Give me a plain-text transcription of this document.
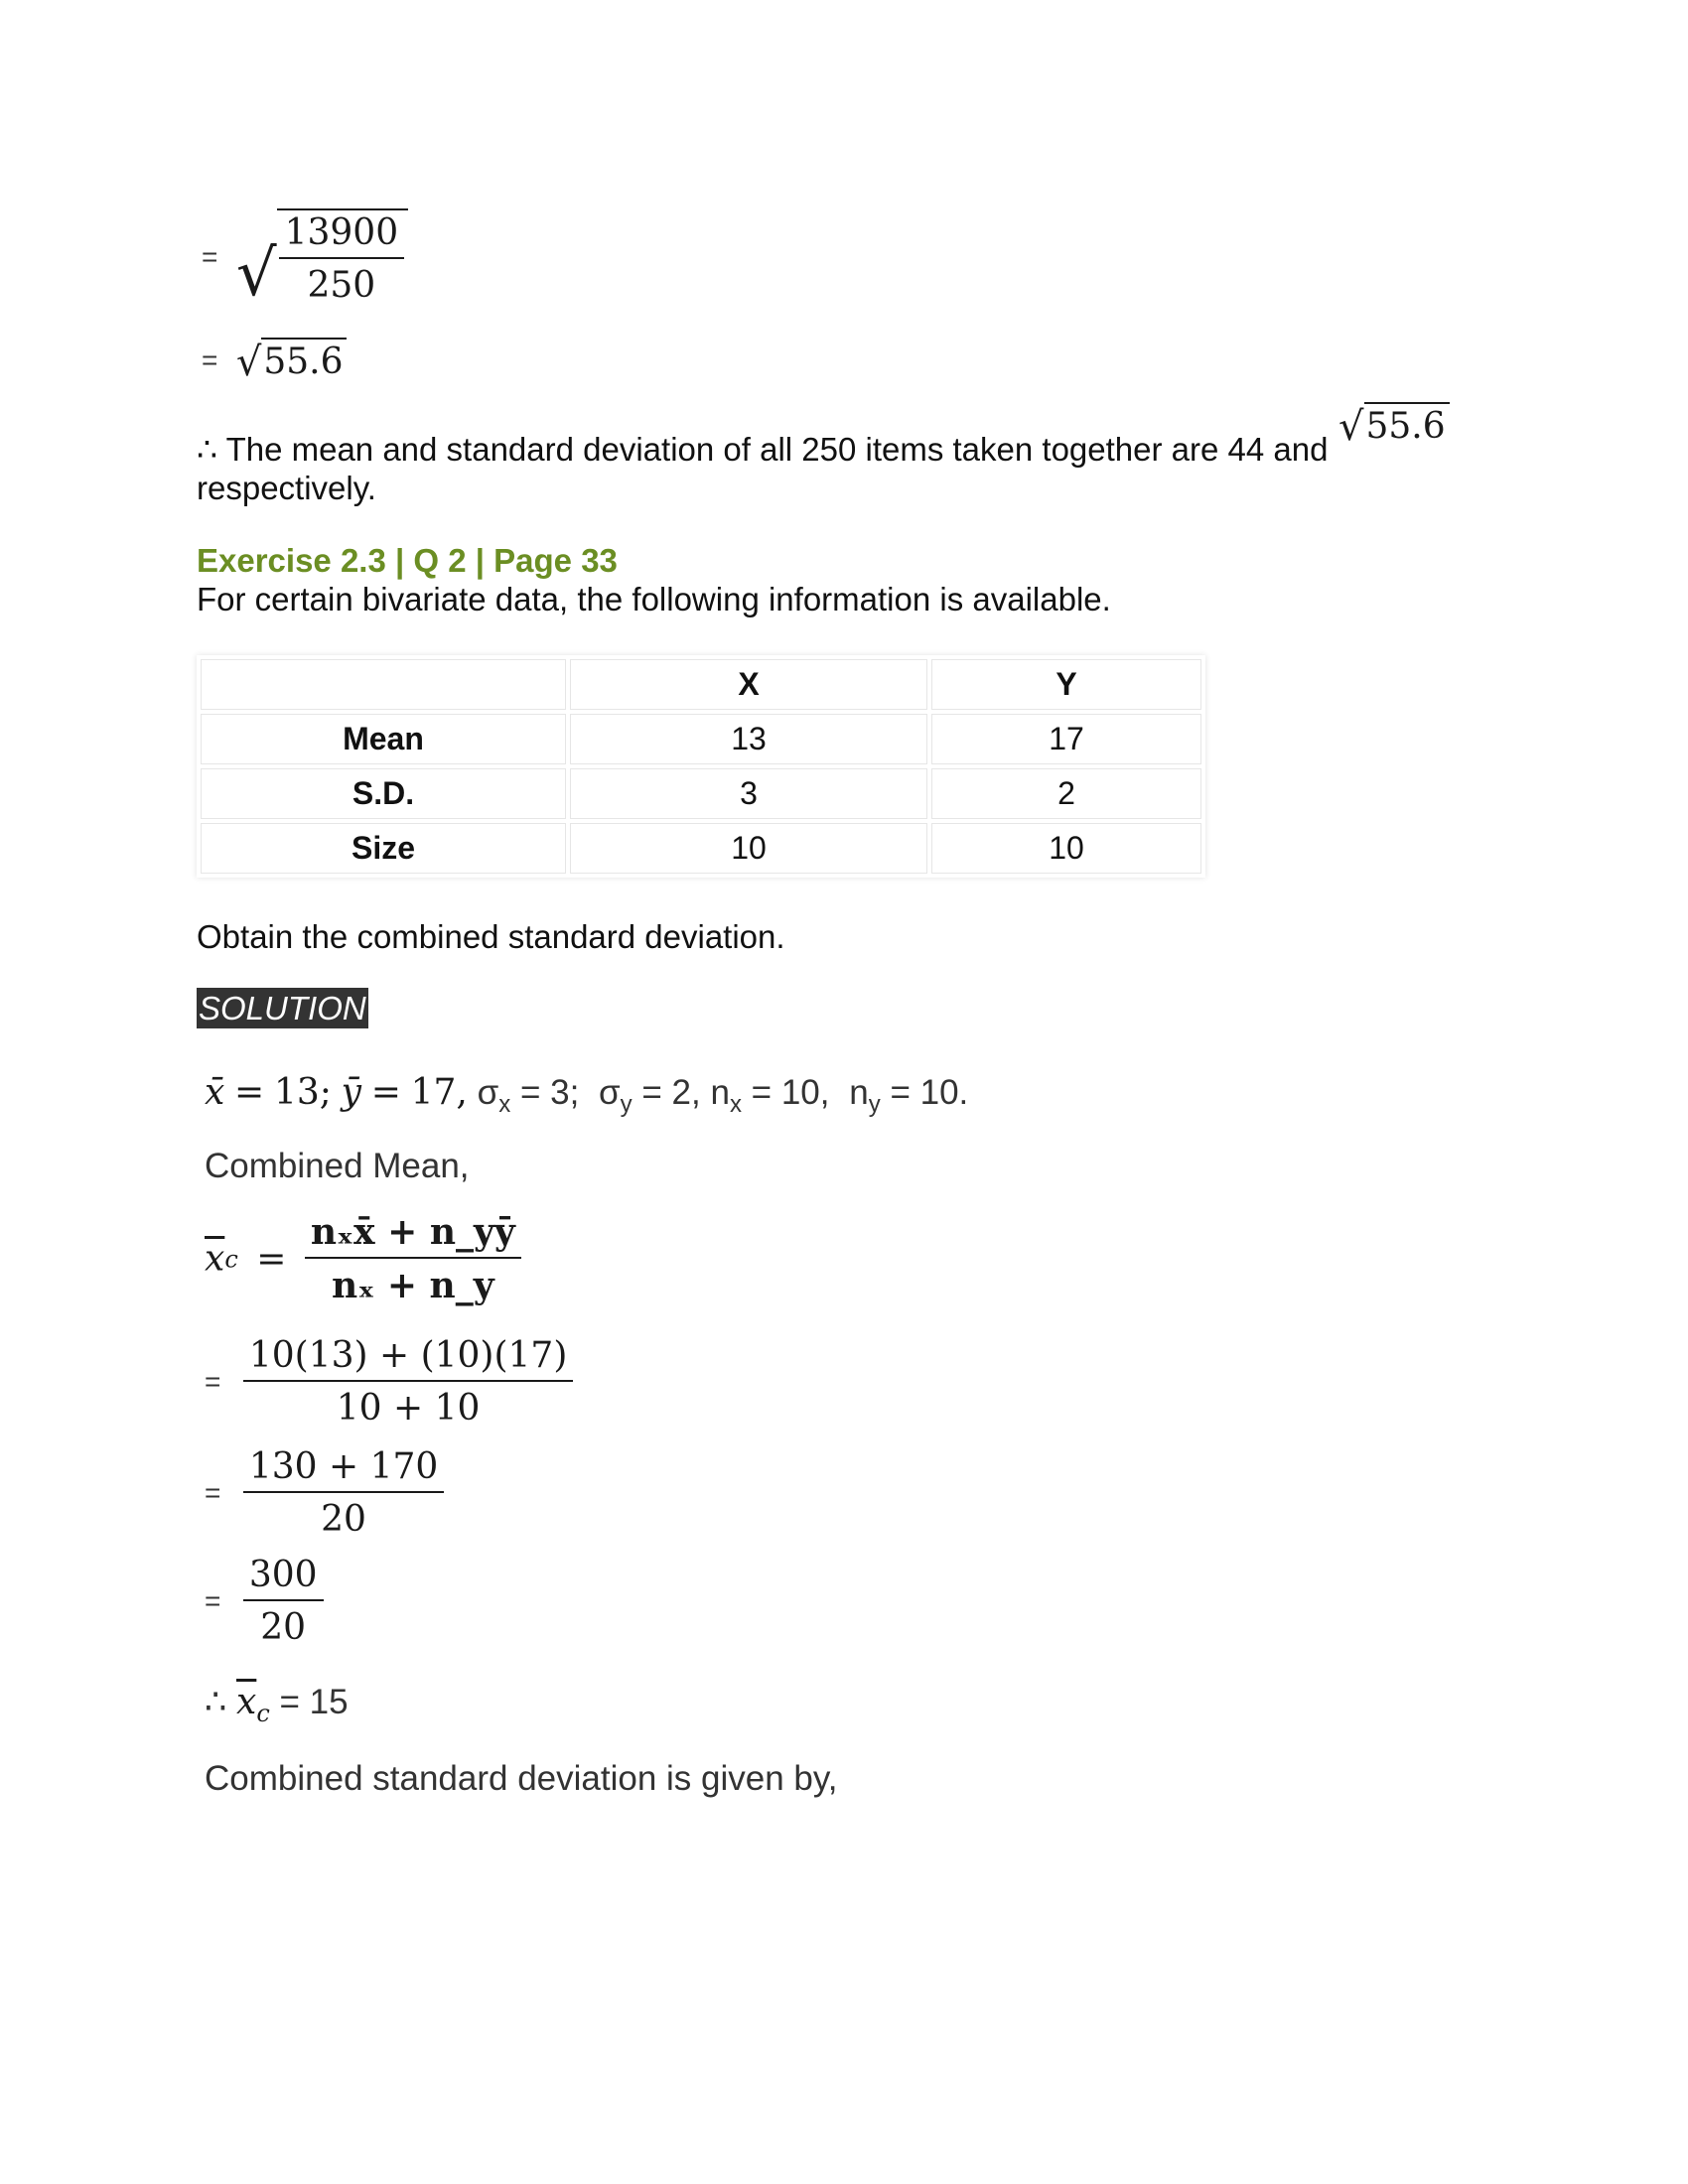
= √ $\frac{13900}{250}$
= √ 55.6
∴ The mean and standard deviation of all 250 items taken together are 44 and √ 55.6
respectively.
Exercise 2.3 | Q 2 | Page 33
For certain bivariate data, the following information is available.
	X	Y
Mean	13	17
S.D.	3	2
Size	10	10
Obtain the combined standard deviation.
SOLUTION
x̄ = 13; ȳ = 17, $\sigma_x = 3$; $\sigma_y = 2$, $n_x = 10$, $n_y = 10$.
Combined Mean,
$\overline{x}_c = \frac{\text{nₓx̄ + n\_yȳ}}{\text{nₓ + n\_y}}$
= $\frac{10(13) + (10)(17)}{10 + 10}$
= $\frac{130 + 170}{20}$
= $\frac{300}{20}$
∴ $\overline{x}_c = 15$
Combined standard deviation is given by,
